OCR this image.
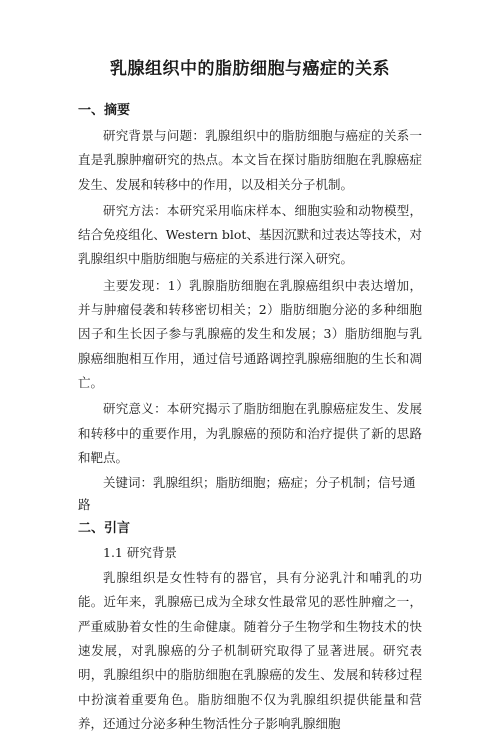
乳腺组织中的脂肪细胞与癌症的关系
一、摘要
研究背景与问题：乳腺组织中的脂肪细胞与癌症的关系一直是乳腺肿瘤研究的热点。本文旨在探讨脂肪细胞在乳腺癌症发生、发展和转移中的作用，以及相关分子机制。
研究方法：本研究采用临床样本、细胞实验和动物模型，结合免疫组化、Western blot、基因沉默和过表达等技术，对乳腺组织中脂肪细胞与癌症的关系进行深入研究。
主要发现：1）乳腺脂肪细胞在乳腺癌组织中表达增加，并与肿瘤侵袭和转移密切相关；2）脂肪细胞分泌的多种细胞因子和生长因子参与乳腺癌的发生和发展；3）脂肪细胞与乳腺癌细胞相互作用，通过信号通路调控乳腺癌细胞的生长和凋亡。
研究意义：本研究揭示了脂肪细胞在乳腺癌症发生、发展和转移中的重要作用，为乳腺癌的预防和治疗提供了新的思路和靶点。
关键词：乳腺组织；脂肪细胞；癌症；分子机制；信号通路
二、引言
1.1 研究背景
乳腺组织是女性特有的器官，具有分泌乳汁和哺乳的功能。近年来，乳腺癌已成为全球女性最常见的恶性肿瘤之一，严重威胁着女性的生命健康。随着分子生物学和生物技术的快速发展，对乳腺癌的分子机制研究取得了显著进展。研究表明，乳腺组织中的脂肪细胞在乳腺癌的发生、发展和转移过程中扮演着重要角色。脂肪细胞不仅为乳腺组织提供能量和营养，还通过分泌多种生物活性分子影响乳腺细胞
